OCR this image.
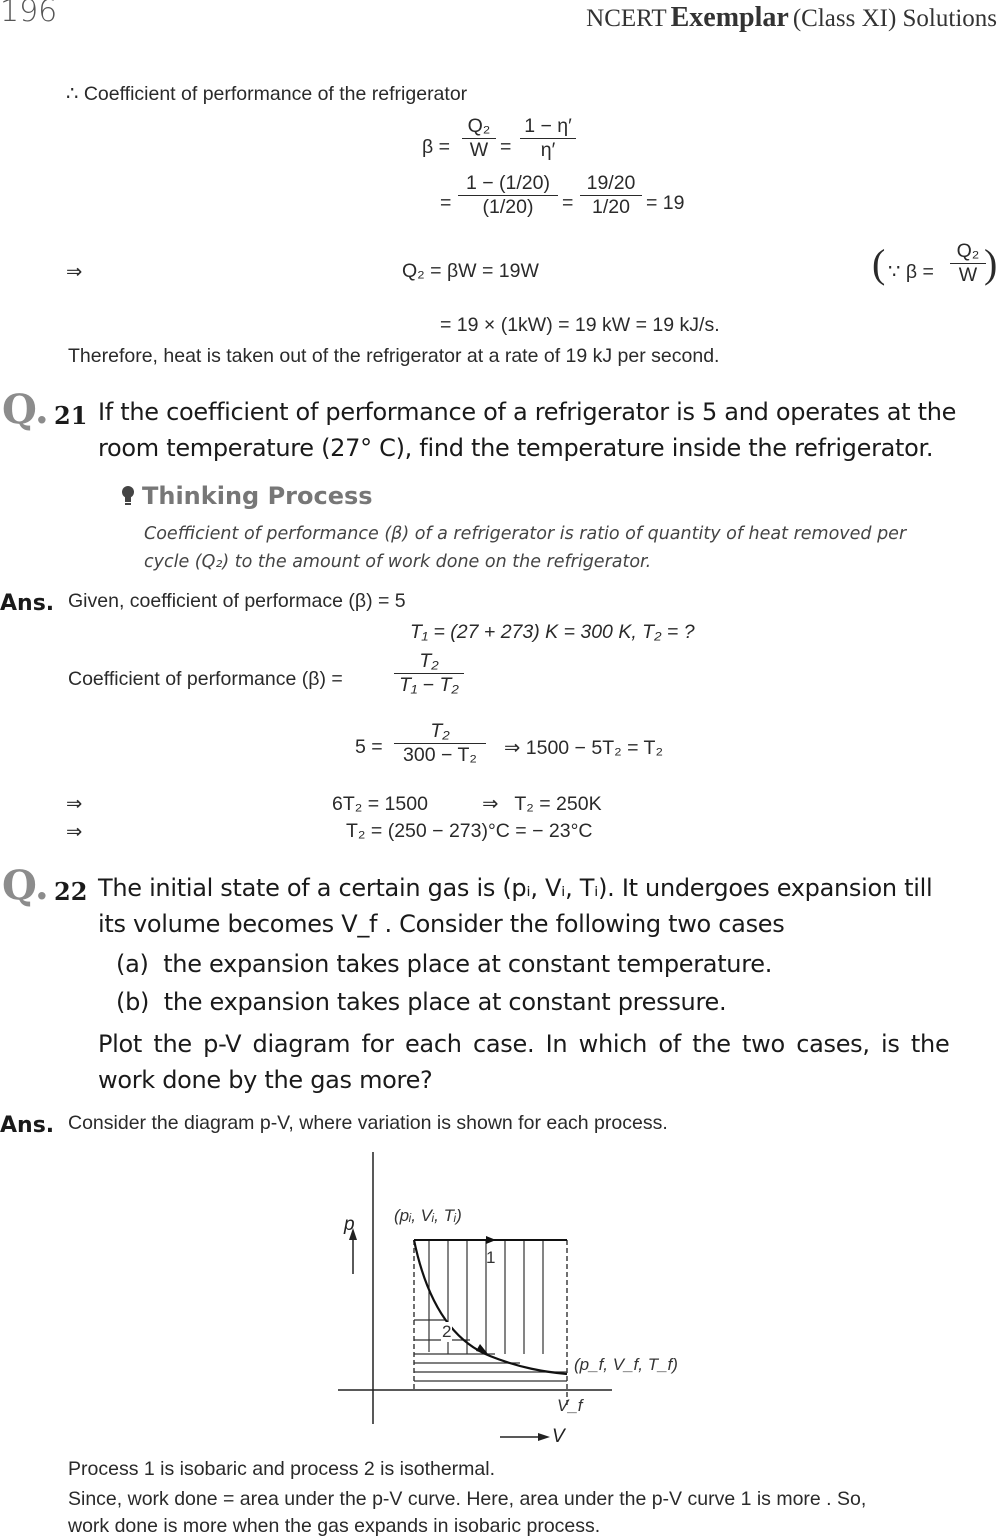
196	NCERT Exemplar (Class XI) Solutions
∴ Coefficient of performance of the refrigerator
β =
Q₂
W =
1 − η′
η′
=
1 − (1/20)
(1/20)	=
19/20
1/20 = 19
⇒	Q₂ = βW = 19W	( ∵ β =
Q₂
W )
= 19 × (1kW) = 19 kW = 19 kJ/s.
Therefore, heat is taken out of the refrigerator at a rate of 19 kJ per second.
Q. 21 If the coefficient of performance of a refrigerator is 5 and operates at the
room temperature (27° C), find the temperature inside the refrigerator.
Thinking Process
Coefficient of performance (β) of a refrigerator is ratio of quantity of heat removed per
cycle (Q₂) to the amount of work done on the refrigerator.
Ans. Given, coefficient of performace (β) = 5
T₁ = (27 + 273) K = 300 K, T₂ = ?
Coefficient of performance (β) =
T₂
T₁ − T₂
5 =
T₂
300 − T₂	⇒ 1500 − 5T₂ = T₂
⇒	6T₂ = 1500          ⇒   T₂ = 250K
⇒	T₂ = (250 − 273)°C = − 23°C
Q. 22 The initial state of a certain gas is (pᵢ, Vᵢ, Tᵢ). It undergoes expansion till
its volume becomes V_f . Consider the following two cases
(a)  the expansion takes place at constant temperature.
(b)  the expansion takes place at constant pressure.
Plot the p-V diagram for each case. In which of the two cases, is the
work done by the gas more?
Ans. Consider the diagram p-V, where variation is shown for each process.
p (pᵢ, Vᵢ, Tᵢ)
1
2
(p_f, V_f, T_f)
V_f
V
Process 1 is isobaric and process 2 is isothermal.
Since, work done = area under the p-V curve. Here, area under the p-V curve 1 is more . So,
work done is more when the gas expands in isobaric process.
